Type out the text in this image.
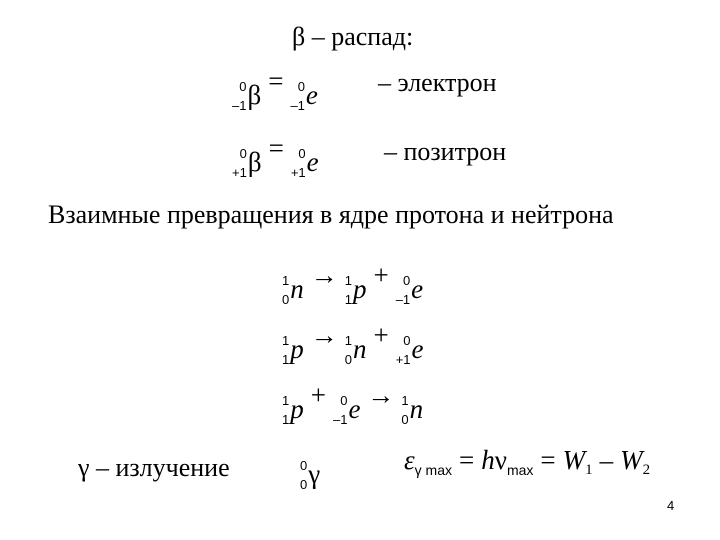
β – распад:
0
–1 β = 0
–1 e – электрон
0
+1 β = 0
+1 e	– позитрон
Взаимные превращения в ядре протона и нейтрона
1
0 n → 1
1 p + 0
–1 e
1
1 p → 1
0 n + 0
+1 e
1
1 p + 0
–1 e → 1
0 n
γ – излучение	0
0 γ	$\varepsilon_{\gamma max} = h\nu_{max} = W_1 - W_2$
4
